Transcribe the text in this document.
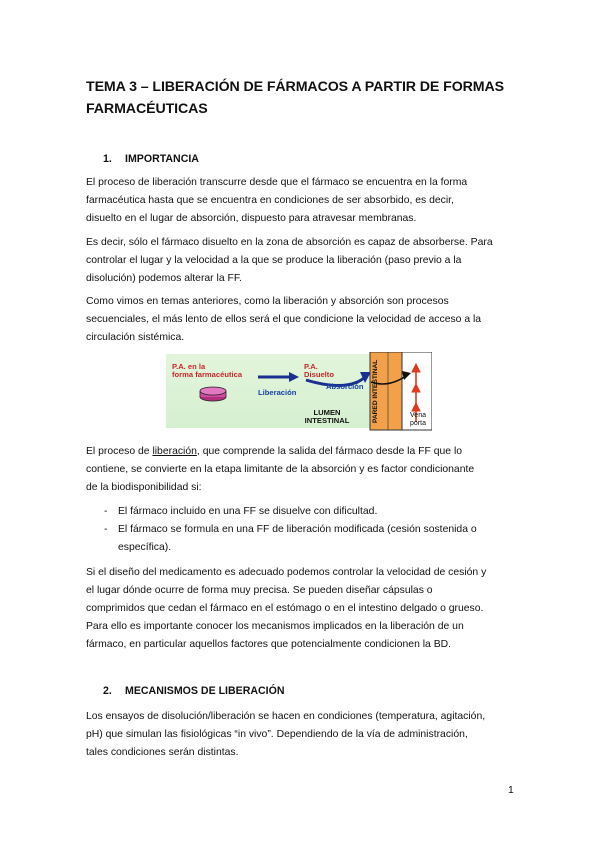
TEMA 3 – LIBERACIÓN DE FÁRMACOS A PARTIR DE FORMAS FARMACÉUTICAS
1. IMPORTANCIA
El proceso de liberación transcurre desde que el fármaco se encuentra en la forma
farmacéutica hasta que se encuentra en condiciones de ser absorbido, es decir,
disuelto en el lugar de absorción, dispuesto para atravesar membranas.
Es decir, sólo el fármaco disuelto en la zona de absorción es capaz de absorberse. Para
controlar el lugar y la velocidad a la que se produce la liberación (paso previo a la
disolución) podemos alterar la FF.
Como vimos en temas anteriores, como la liberación y absorción son procesos
secuenciales, el más lento de ellos será el que condicione la velocidad de acceso a la
circulación sistémica.
P.A. en la
forma farmacéutica
P.A.
Disuelto
Liberación
Absorción
LUMEN
INTESTINAL	PARED INTESTINAL	Vena
porta
El proceso de liberación, que comprende la salida del fármaco desde la FF que lo
contiene, se convierte en la etapa limitante de la absorción y es factor condicionante
de la biodisponibilidad si:
- El fármaco incluido en una FF se disuelve con dificultad.
- El fármaco se formula en una FF de liberación modificada (cesión sostenida o
específica).
Si el diseño del medicamento es adecuado podemos controlar la velocidad de cesión y
el lugar dónde ocurre de forma muy precisa. Se pueden diseñar cápsulas o
comprimidos que cedan el fármaco en el estómago o en el intestino delgado o grueso.
Para ello es importante conocer los mecanismos implicados en la liberación de un
fármaco, en particular aquellos factores que potencialmente condicionen la BD.
2. MECANISMOS DE LIBERACIÓN
Los ensayos de disolución/liberación se hacen en condiciones (temperatura, agitación,
pH) que simulan las fisiológicas “in vivo”. Dependiendo de la vía de administración,
tales condiciones serán distintas.
1
